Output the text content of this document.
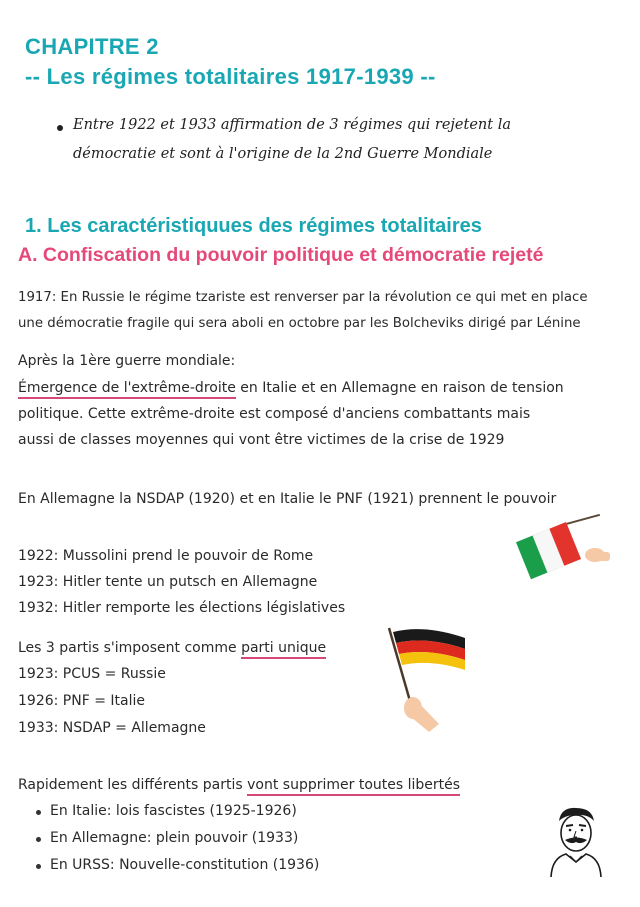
CHAPITRE 2
-- Les régimes totalitaires 1917-1939 --
Entre 1922 et 1933 affirmation de 3 régimes qui rejetent la
démocratie et sont à l'origine de la 2nd Guerre Mondiale
1. Les caractéristiquues des régimes totalitaires
A. Confiscation du pouvoir politique et démocratie rejeté
1917: En Russie le régime tzariste est renverser par la révolution ce qui met en place
une démocratie fragile qui sera aboli en octobre par les Bolcheviks dirigé par Lénine
Après la 1ère guerre mondiale:
Émergence de l'extrême-droite en Italie et en Allemagne en raison de tension
politique. Cette extrême-droite est composé d'anciens combattants mais
aussi de classes moyennes qui vont être victimes de la crise de 1929
En Allemagne la NSDAP (1920) et en Italie le PNF (1921) prennent le pouvoir
1922: Mussolini prend le pouvoir de Rome
1923: Hitler tente un putsch en Allemagne
1932: Hitler remporte les élections législatives
Les 3 partis s'imposent comme parti unique
1923: PCUS = Russie
1926: PNF = Italie
1933: NSDAP = Allemagne
Rapidement les différents partis vont supprimer toutes libertés
En Italie: lois fascistes (1925-1926)
En Allemagne: plein pouvoir (1933)
En URSS: Nouvelle-constitution (1936)
